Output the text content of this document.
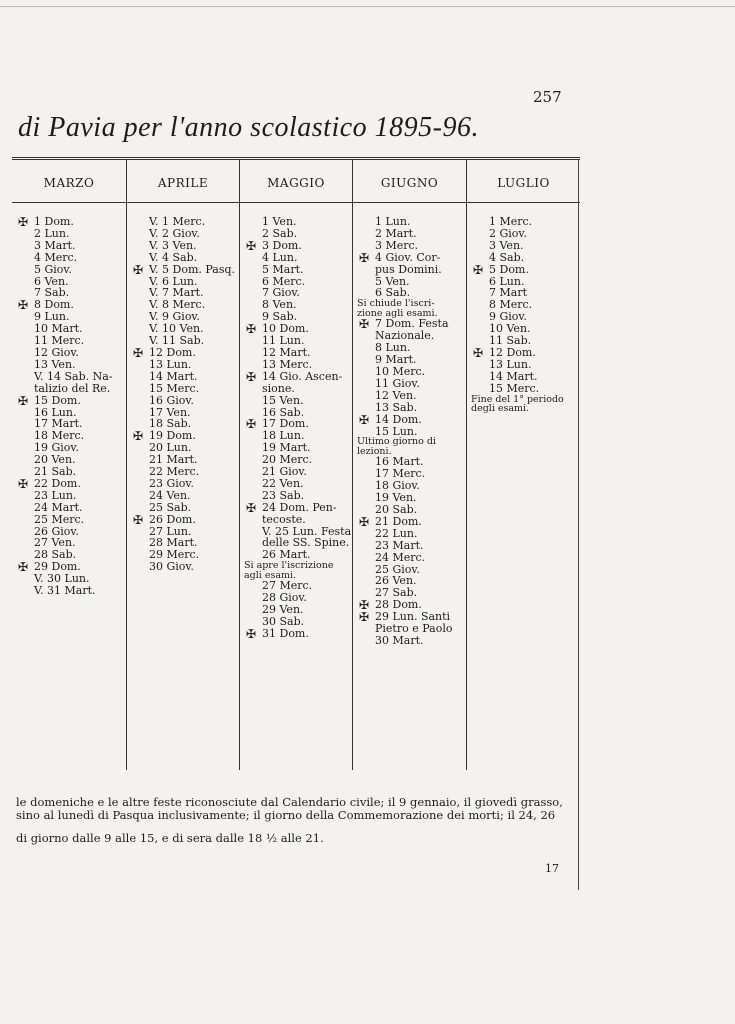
257
di Pavia per l'anno scolastico 1895-96.
MARZO
✠ 1 Dom.
2 Lun.
3 Mart.
4 Merc.
5 Giov.
6 Ven.
7 Sab.
✠ 8 Dom.
9 Lun.
10 Mart.
11 Merc.
12 Giov.
13 Ven.
V. 14 Sab. Na-
talizio del Re.
✠ 15 Dom.
16 Lun.
17 Mart.
18 Merc.
19 Giov.
20 Ven.
21 Sab.
✠ 22 Dom.
23 Lun.
24 Mart.
25 Merc.
26 Giov.
27 Ven.
28 Sab.
✠ 29 Dom.
V. 30 Lun.
V. 31 Mart.
APRILE
V. 1 Merc.
V. 2 Giov.
V. 3 Ven.
V. 4 Sab.
✠ V. 5 Dom. Pasq.
V. 6 Lun.
V. 7 Mart.
V. 8 Merc.
V. 9 Giov.
V. 10 Ven.
V. 11 Sab.
✠ 12 Dom.
13 Lun.
14 Mart.
15 Merc.
16 Giov.
17 Ven.
18 Sab.
✠ 19 Dom.
20 Lun.
21 Mart.
22 Merc.
23 Giov.
24 Ven.
25 Sab.
✠ 26 Dom.
27 Lun.
28 Mart.
29 Merc.
30 Giov.
MAGGIO
1 Ven.
2 Sab.
✠ 3 Dom.
4 Lun.
5 Mart.
6 Merc.
7 Giov.
8 Ven.
9 Sab.
✠ 10 Dom.
11 Lun.
12 Mart.
13 Merc.
✠ 14 Gio. Ascen-
sione.
15 Ven.
16 Sab.
✠ 17 Dom.
18 Lun.
19 Mart.
20 Merc.
21 Giov.
22 Ven.
23 Sab.
✠ 24 Dom. Pen-
tecoste.
V. 25 Lun. Festa
delle SS. Spine.
26 Mart.
Si apre l'iscrizione
agli esami.
27 Merc.
28 Giov.
29 Ven.
30 Sab.
✠ 31 Dom.
GIUGNO
1 Lun.
2 Mart.
3 Merc.
✠ 4 Giov. Cor-
pus Domini.
5 Ven.
6 Sab.
Si chiude l'iscri-
zione agli esami.
✠ 7 Dom. Festa
Nazionale.
8 Lun.
9 Mart.
10 Merc.
11 Giov.
12 Ven.
13 Sab.
✠ 14 Dom.
15 Lun.
Ultimo giorno di
lezioni.
16 Mart.
17 Merc.
18 Giov.
19 Ven.
20 Sab.
✠ 21 Dom.
22 Lun.
23 Mart.
24 Merc.
25 Giov.
26 Ven.
27 Sab.
✠ 28 Dom.
✠ 29 Lun. Santi
Pietro e Paolo
30 Mart.
LUGLIO
1 Merc.
2 Giov.
3 Ven.
4 Sab.
✠ 5 Dom.
6 Lun.
7 Mart
8 Merc.
9 Giov.
10 Ven.
11 Sab.
✠ 12 Dom.
13 Lun.
14 Mart.
15 Merc.
Fine del 1° periodo
degli esami.
le domeniche e le altre feste riconosciute dal Calendario civile; il 9 gennaio, il giovedì grasso,
sino al lunedì di Pasqua inclusivamente; il giorno della Commemorazione dei morti; il 24, 26
di giorno dalle 9 alle 15, e di sera dalle 18 ½ alle 21.
17
